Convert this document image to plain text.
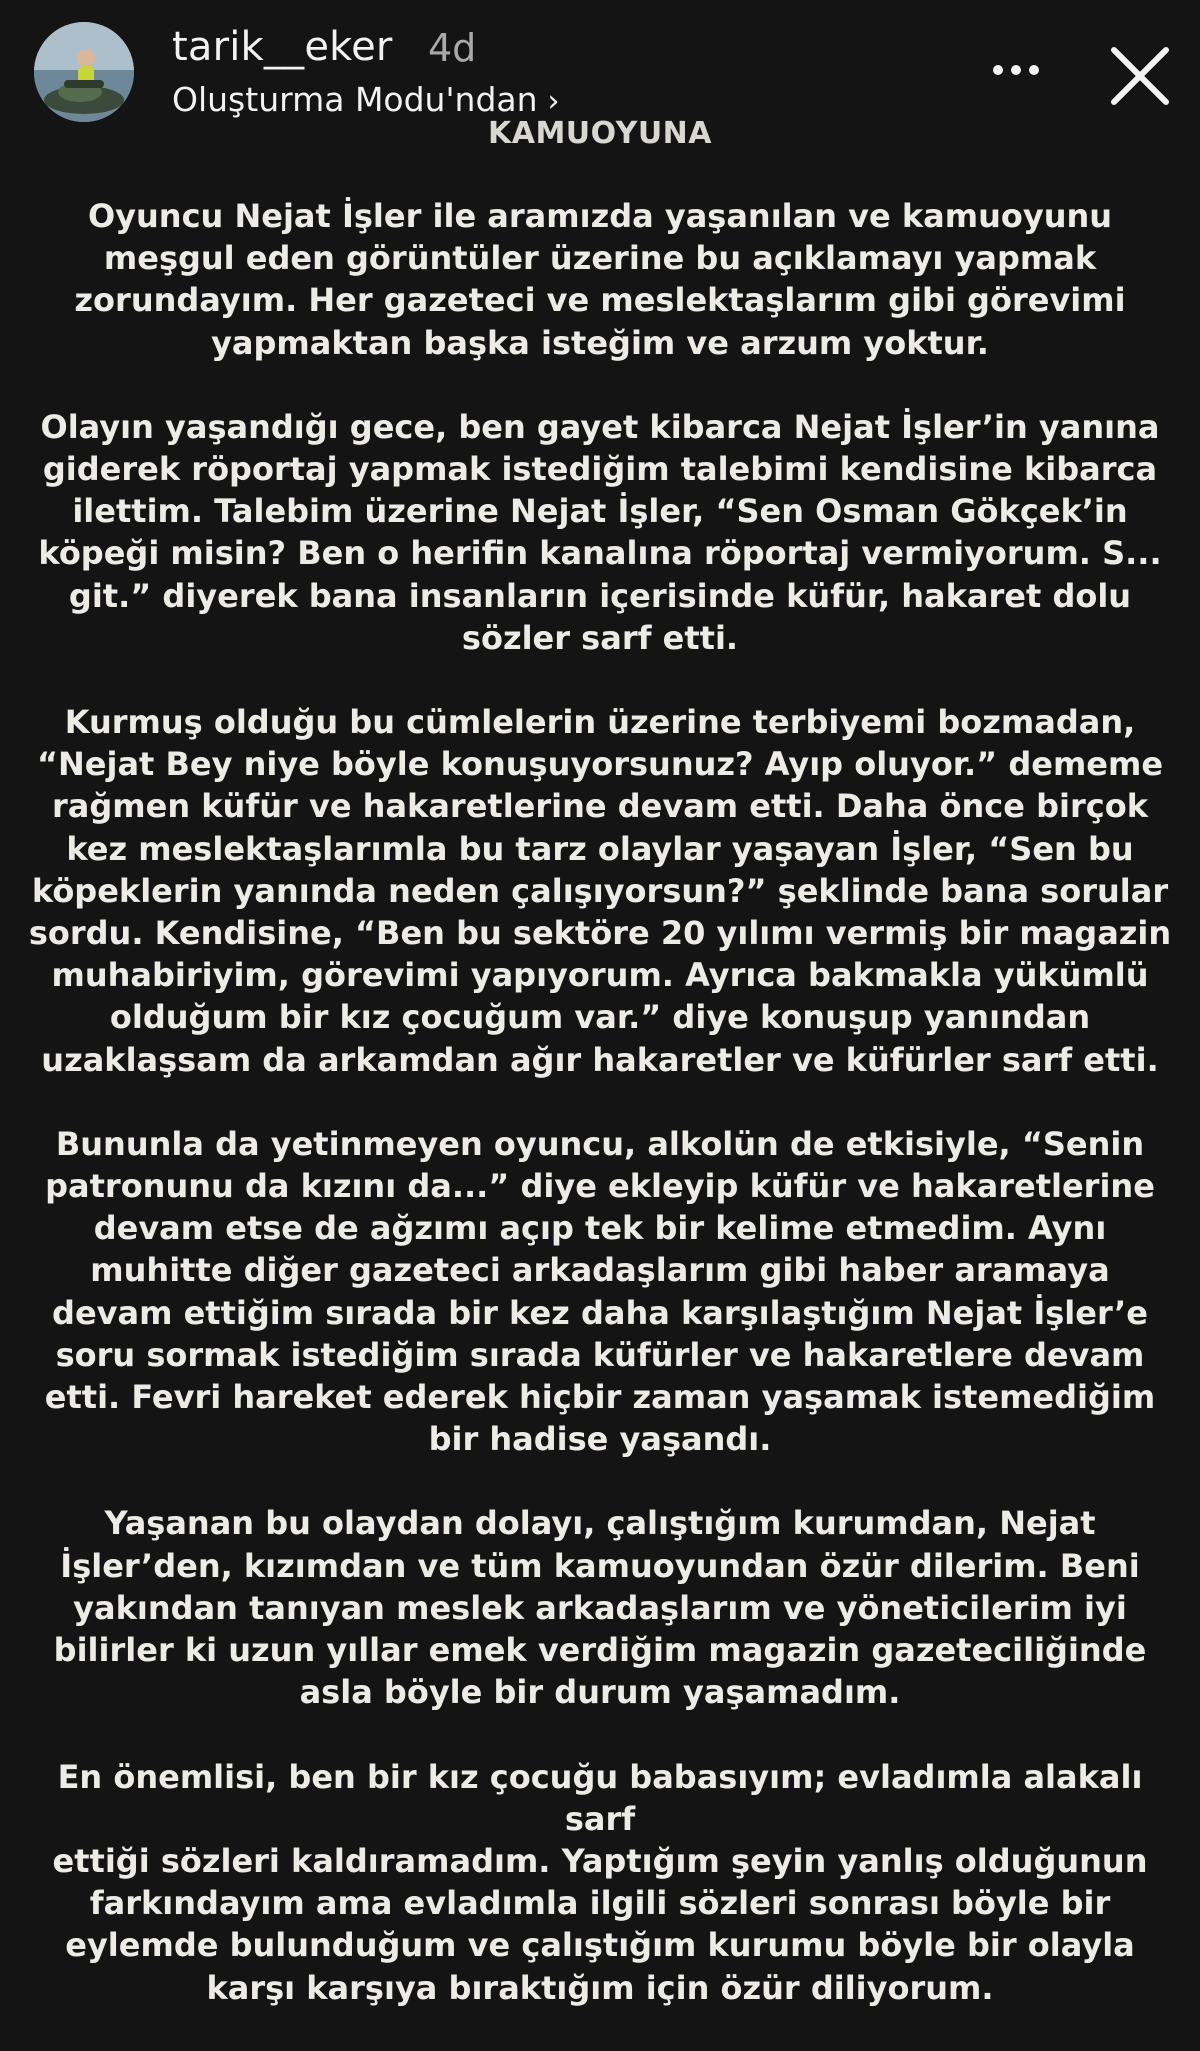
tarik__eker 4d
Oluşturma Modu'ndan ›
KAMUOYUNA
Oyuncu Nejat İşler ile aramızda yaşanılan ve kamuoyunu
meşgul eden görüntüler üzerine bu açıklamayı yapmak
zorundayım. Her gazeteci ve meslektaşlarım gibi görevimi
yapmaktan başka isteğim ve arzum yoktur.
Olayın yaşandığı gece, ben gayet kibarca Nejat İşler’in yanına
giderek röportaj yapmak istediğim talebimi kendisine kibarca
ilettim. Talebim üzerine Nejat İşler, “Sen Osman Gökçek’in
köpeği misin? Ben o herifin kanalına röportaj vermiyorum. S...
git.” diyerek bana insanların içerisinde küfür, hakaret dolu
sözler sarf etti.
Kurmuş olduğu bu cümlelerin üzerine terbiyemi bozmadan,
“Nejat Bey niye böyle konuşuyorsunuz? Ayıp oluyor.” dememe
rağmen küfür ve hakaretlerine devam etti. Daha önce birçok
kez meslektaşlarımla bu tarz olaylar yaşayan İşler, “Sen bu
köpeklerin yanında neden çalışıyorsun?” şeklinde bana sorular
sordu. Kendisine, “Ben bu sektöre 20 yılımı vermiş bir magazin
muhabiriyim, görevimi yapıyorum. Ayrıca bakmakla yükümlü
olduğum bir kız çocuğum var.” diye konuşup yanından
uzaklaşsam da arkamdan ağır hakaretler ve küfürler sarf etti.
Bununla da yetinmeyen oyuncu, alkolün de etkisiyle, “Senin
patronunu da kızını da...” diye ekleyip küfür ve hakaretlerine
devam etse de ağzımı açıp tek bir kelime etmedim. Aynı
muhitte diğer gazeteci arkadaşlarım gibi haber aramaya
devam ettiğim sırada bir kez daha karşılaştığım Nejat İşler’e
soru sormak istediğim sırada küfürler ve hakaretlere devam
etti. Fevri hareket ederek hiçbir zaman yaşamak istemediğim
bir hadise yaşandı.
Yaşanan bu olaydan dolayı, çalıştığım kurumdan, Nejat
İşler’den, kızımdan ve tüm kamuoyundan özür dilerim. Beni
yakından tanıyan meslek arkadaşlarım ve yöneticilerim iyi
bilirler ki uzun yıllar emek verdiğim magazin gazeteciliğinde
asla böyle bir durum yaşamadım.
En önemlisi, ben bir kız çocuğu babasıyım; evladımla alakalı sarf
ettiği sözleri kaldıramadım. Yaptığım şeyin yanlış olduğunun
farkındayım ama evladımla ilgili sözleri sonrası böyle bir
eylemde bulunduğum ve çalıştığım kurumu böyle bir olayla
karşı karşıya bıraktığım için özür diliyorum.
